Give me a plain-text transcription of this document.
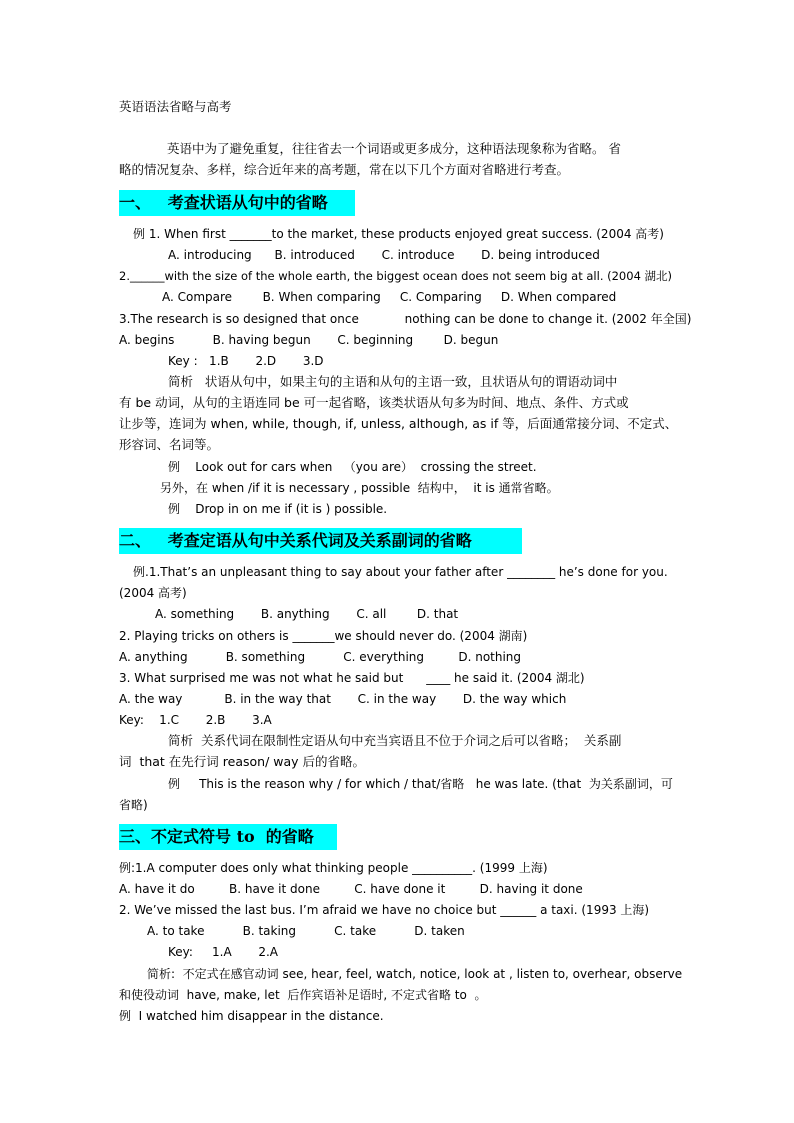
英语语法省略与高考
英语中为了避免重复，往往省去一个词语或更多成分，这种语法现象称为省略。 省
略的情况复杂、多样，综合近年来的高考题，常在以下几个方面对省略进行考查。
一、   考查状语从句中的省略
例 1. When first _______to the market, these products enjoyed great success. (2004 高考)
A. introducing      B. introduced       C. introduce       D. being introduced
2.______with the size of the whole earth, the biggest ocean does not seem big at all. (2004 湖北)
A. Compare        B. When comparing     C. Comparing     D. When compared
3.The research is so designed that once            nothing can be done to change it. (2002 年全国)
A. begins          B. having begun       C. beginning        D. begun
Key :   1.B       2.D       3.D
简析   状语从句中，如果主句的主语和从句的主语一致，且状语从句的谓语动词中
有 be 动词，从句的主语连同 be 可一起省略，该类状语从句多为时间、地点、条件、方式或
让步等，连词为 when, while, though, if, unless, although, as if 等，后面通常接分词、不定式、
形容词、名词等。
例    Look out for cars when   （you are）  crossing the street.
另外，在 when /if it is necessary , possible  结构中，  it is 通常省略。
例    Drop in on me if (it is ) possible.
二、   考查定语从句中关系代词及关系副词的省略
例.1.That’s an unpleasant thing to say about your father after ________ he’s done for you.
(2004 高考)
A. something       B. anything       C. all        D. that
2. Playing tricks on others is _______we should never do. (2004 湖南)
A. anything          B. something          C. everything         D. nothing
3. What surprised me was not what he said but      ____ he said it. (2004 湖北)
A. the way           B. in the way that       C. in the way       D. the way which
Key:    1.C       2.B       3.A
简析  关系代词在限制性定语从句中充当宾语且不位于介词之后可以省略；  关系副
词  that 在先行词 reason/ way 后的省略。
例     This is the reason why / for which / that/省略   he was late. (that  为关系副词，可
省略)
三、不定式符号 to  的省略
例:1.A computer does only what thinking people __________. (1999 上海)
A. have it do         B. have it done         C. have done it         D. having it done
2. We’ve missed the last bus. I’m afraid we have no choice but ______ a taxi. (1993 上海)
A. to take          B. taking          C. take          D. taken
Key:     1.A       2.A
简析:  不定式在感官动词 see, hear, feel, watch, notice, look at , listen to, overhear, observe
和使役动词  have, make, let  后作宾语补足语时, 不定式省略 to  。
例  I watched him disappear in the distance.
